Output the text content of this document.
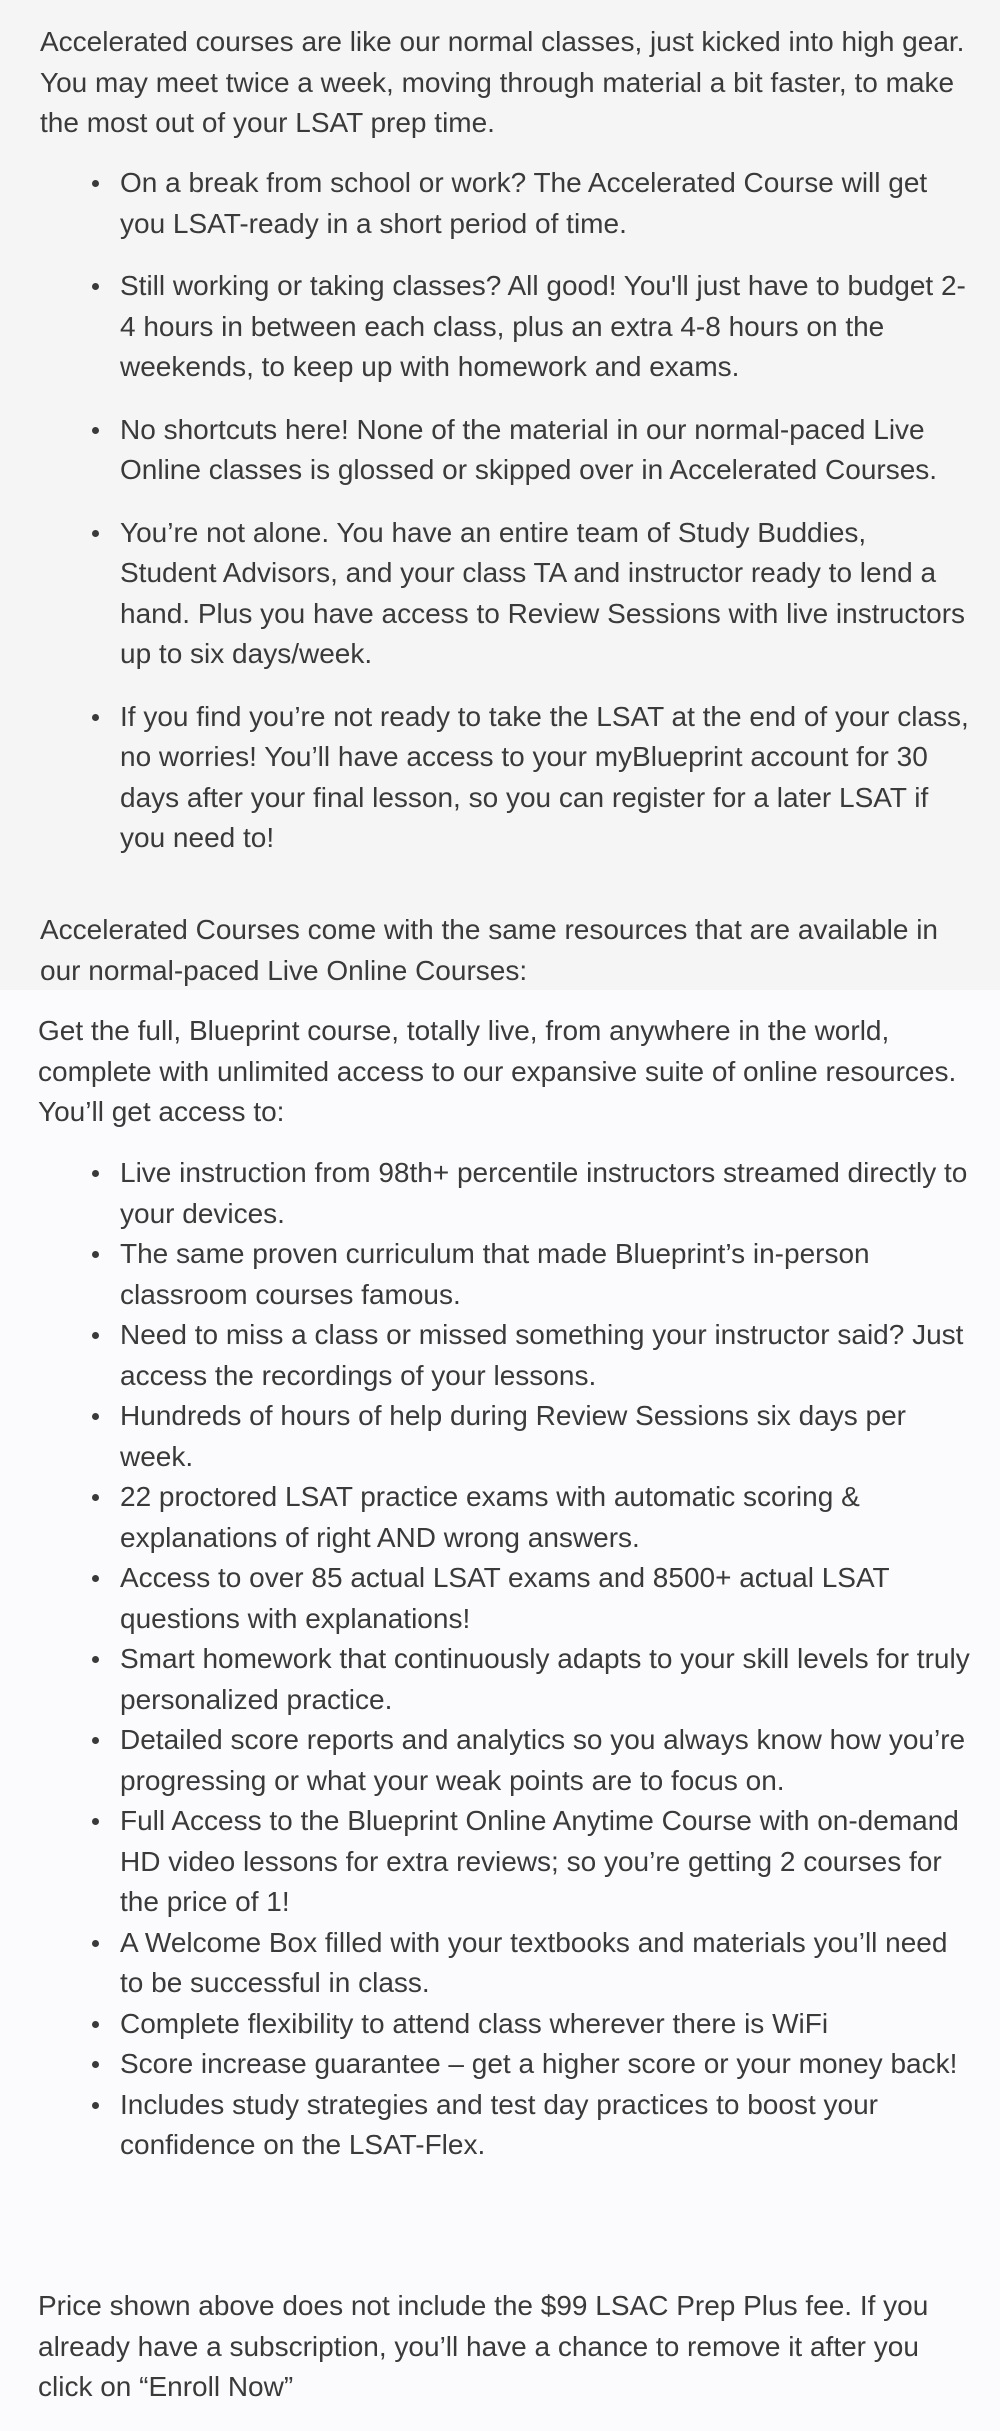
Accelerated courses are like our normal classes, just kicked into high gear. You may meet twice a week, moving through material a bit faster, to make the most out of your LSAT prep time.

On a break from school or work? The Accelerated Course will get you LSAT-ready in a short period of time.
Still working or taking classes? All good! You'll just have to budget 2-4 hours in between each class, plus an extra 4-8 hours on the weekends, to keep up with homework and exams.
No shortcuts here! None of the material in our normal-paced Live Online classes is glossed or skipped over in Accelerated Courses.
You’re not alone. You have an entire team of Study Buddies, Student Advisors, and your class TA and instructor ready to lend a hand. Plus you have access to Review Sessions with live instructors up to six days/week.
If you find you’re not ready to take the LSAT at the end of your class, no worries! You’ll have access to your myBlueprint account for 30 days after your final lesson, so you can register for a later LSAT if you need to!

Accelerated Courses come with the same resources that are available in our normal-paced Live Online Courses:

Get the full, Blueprint course, totally live, from anywhere in the world, complete with unlimited access to our expansive suite of online resources. You’ll get access to:

Live instruction from 98th+ percentile instructors streamed directly to your devices.
The same proven curriculum that made Blueprint’s in-person classroom courses famous.
Need to miss a class or missed something your instructor said? Just access the recordings of your lessons.
Hundreds of hours of help during Review Sessions six days per week.
22 proctored LSAT practice exams with automatic scoring & explanations of right AND wrong answers.
Access to over 85 actual LSAT exams and 8500+ actual LSAT questions with explanations!
Smart homework that continuously adapts to your skill levels for truly personalized practice.
Detailed score reports and analytics so you always know how you’re progressing or what your weak points are to focus on.
Full Access to the Blueprint Online Anytime Course with on-demand HD video lessons for extra reviews; so you’re getting 2 courses for the price of 1!
A Welcome Box filled with your textbooks and materials you’ll need to be successful in class.
Complete flexibility to attend class wherever there is WiFi
Score increase guarantee – get a higher score or your money back!
Includes study strategies and test day practices to boost your confidence on the LSAT-Flex.

Price shown above does not include the $99 LSAC Prep Plus fee. If you already have a subscription, you’ll have a chance to remove it after you click on “Enroll Now”
